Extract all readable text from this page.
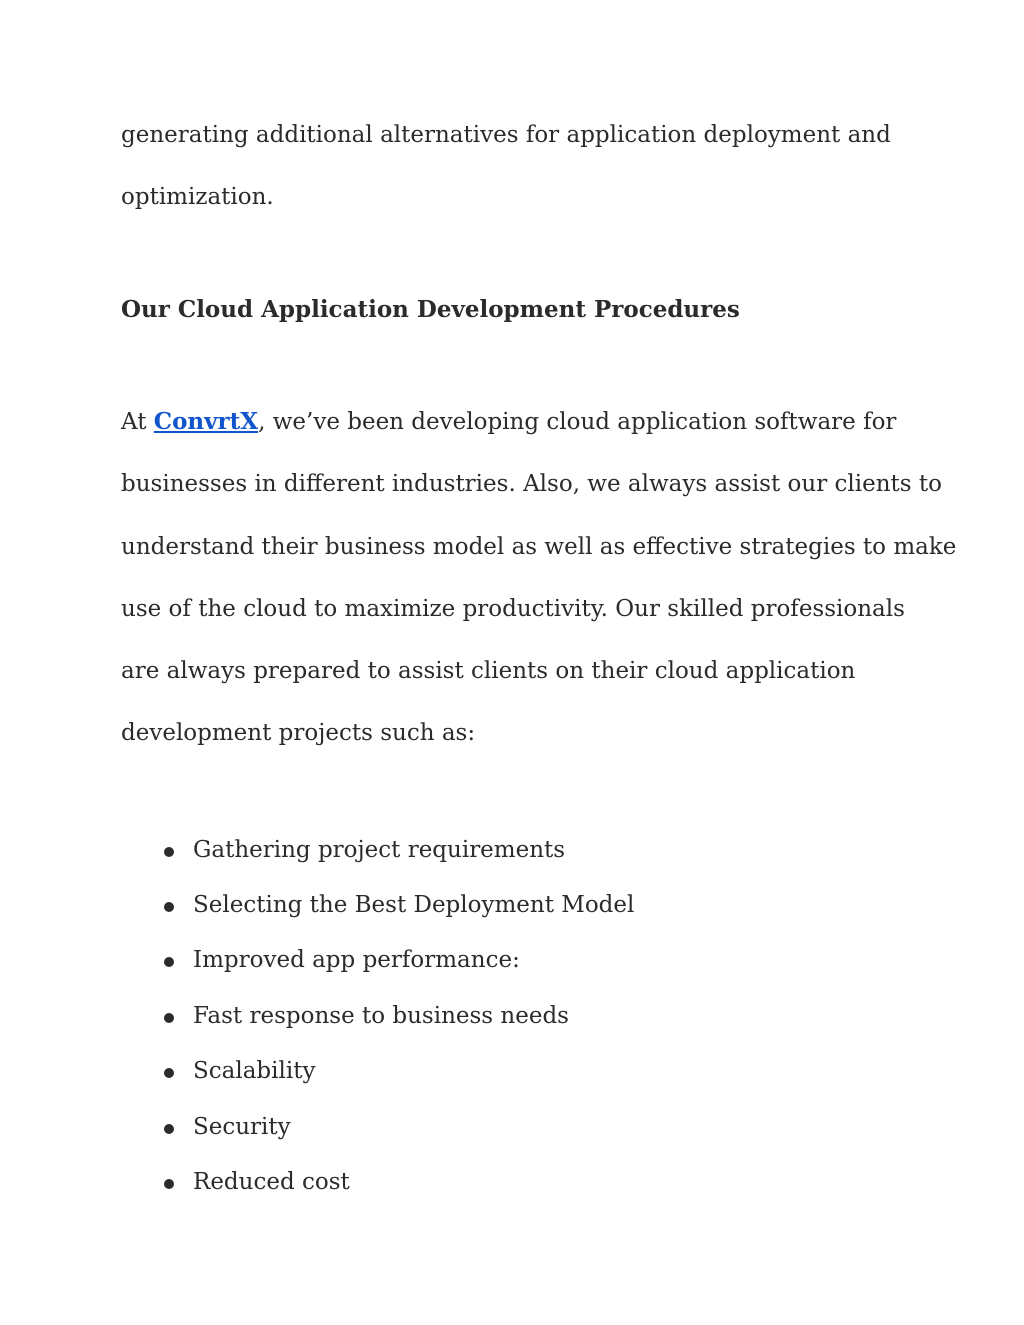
generating additional alternatives for application deployment and
optimization.
Our Cloud Application Development Procedures
At ConvrtX, we’ve been developing cloud application software for
businesses in different industries. Also, we always assist our clients to
understand their business model as well as effective strategies to make
use of the cloud to maximize productivity. Our skilled professionals
are always prepared to assist clients on their cloud application
development projects such as:
Gathering project requirements
Selecting the Best Deployment Model
Improved app performance:
Fast response to business needs
Scalability
Security
Reduced cost
